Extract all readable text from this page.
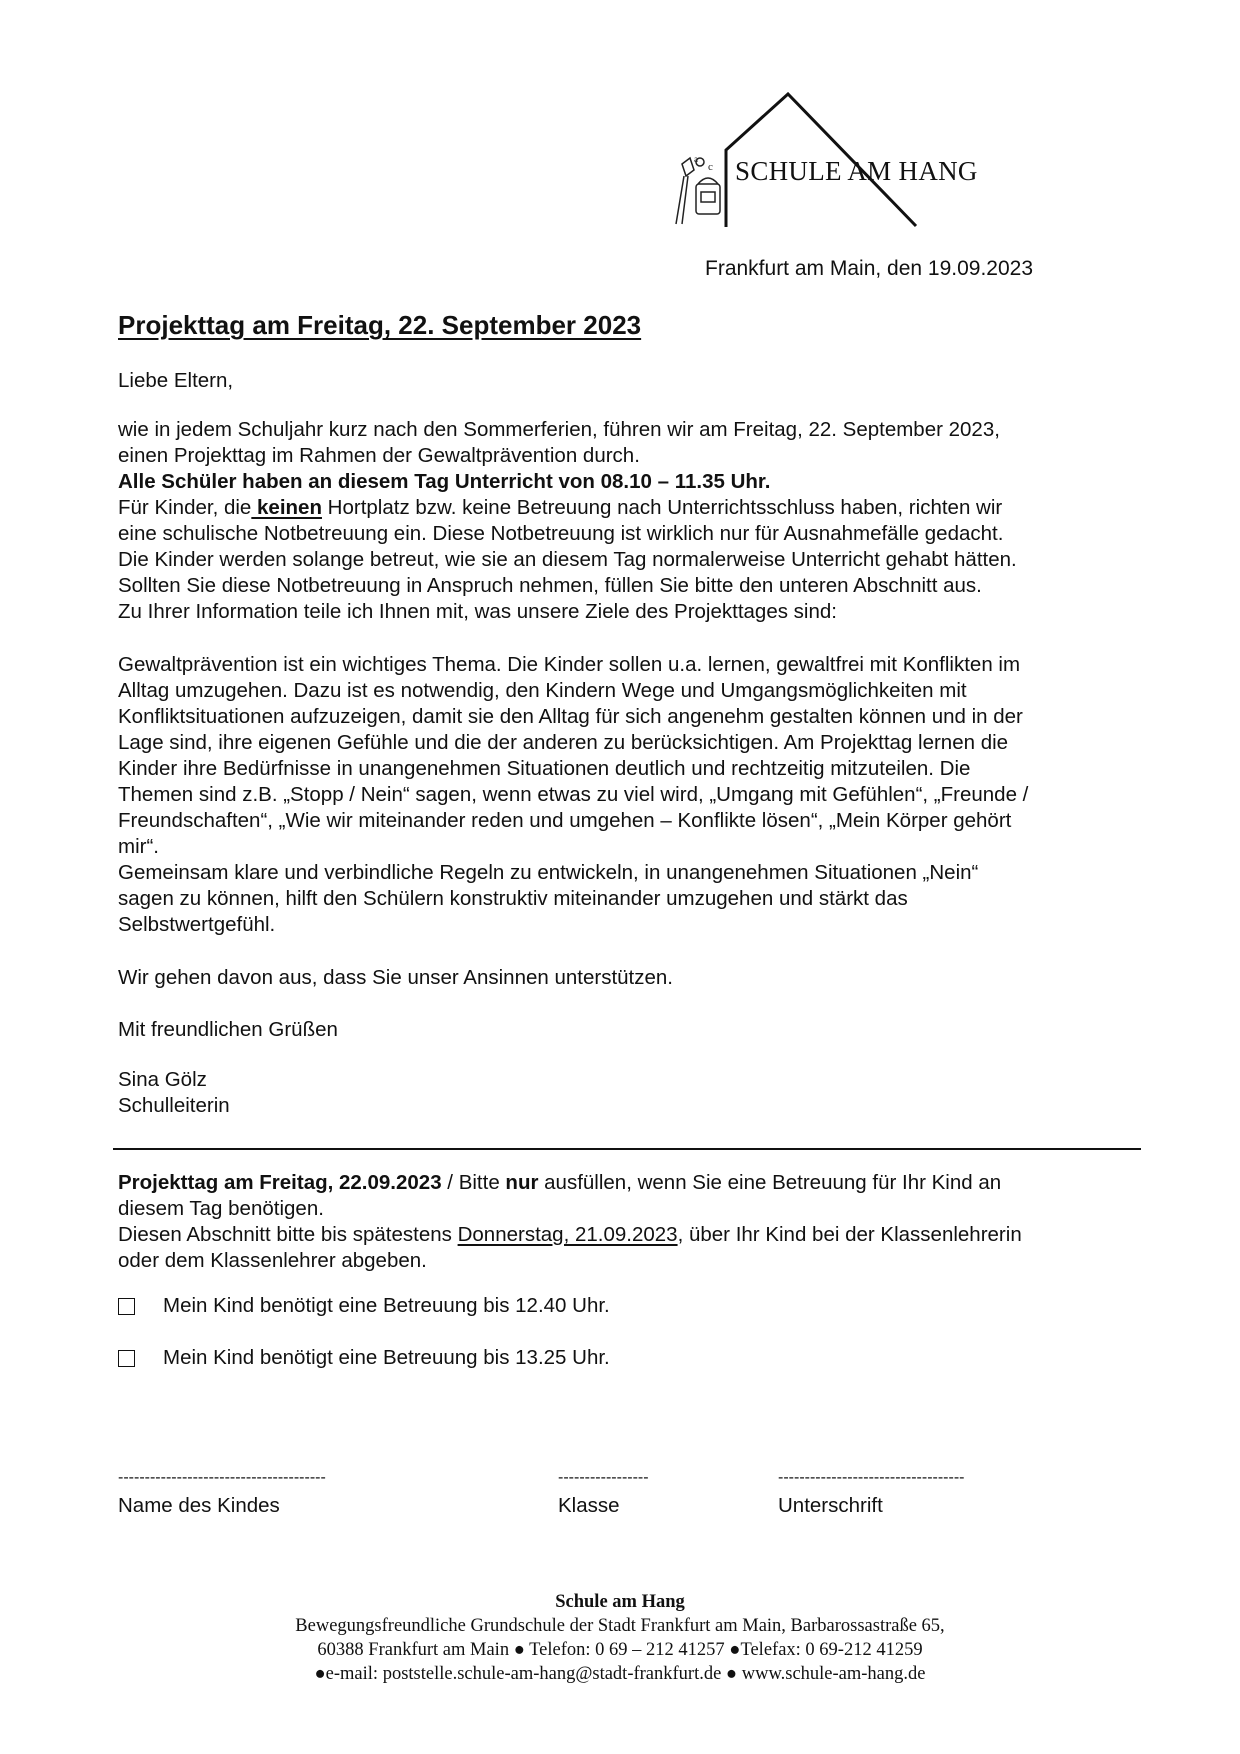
c
a SCHULE AM HANG
Frankfurt am Main, den 19.09.2023
Projekttag am Freitag, 22. September 2023

Liebe Eltern,

wie in jedem Schuljahr kurz nach den Sommerferien, führen wir am Freitag, 22. September 2023,
einen Projekttag im Rahmen der Gewaltprävention durch.
Alle Schüler haben an diesem Tag Unterricht von 08.10 – 11.35 Uhr.
Für Kinder, die keinen Hortplatz bzw. keine Betreuung nach Unterrichtsschluss haben, richten wir
eine schulische Notbetreuung ein. Diese Notbetreuung ist wirklich nur für Ausnahmefälle gedacht.
Die Kinder werden solange betreut, wie sie an diesem Tag normalerweise Unterricht gehabt hätten.
Sollten Sie diese Notbetreuung in Anspruch nehmen, füllen Sie bitte den unteren Abschnitt aus.
Zu Ihrer Information teile ich Ihnen mit, was unsere Ziele des Projekttages sind:
Gewaltprävention ist ein wichtiges Thema. Die Kinder sollen u.a. lernen, gewaltfrei mit Konflikten im
Alltag umzugehen. Dazu ist es notwendig, den Kindern Wege und Umgangsmöglichkeiten mit
Konfliktsituationen aufzuzeigen, damit sie den Alltag für sich angenehm gestalten können und in der
Lage sind, ihre eigenen Gefühle und die der anderen zu berücksichtigen. Am Projekttag lernen die
Kinder ihre Bedürfnisse in unangenehmen Situationen deutlich und rechtzeitig mitzuteilen. Die
Themen sind z.B. „Stopp / Nein“ sagen, wenn etwas zu viel wird, „Umgang mit Gefühlen“, „Freunde /
Freundschaften“, „Wie wir miteinander reden und umgehen – Konflikte lösen“, „Mein Körper gehört
mir“.
Gemeinsam klare und verbindliche Regeln zu entwickeln, in unangenehmen Situationen „Nein“
sagen zu können, hilft den Schülern konstruktiv miteinander umzugehen und stärkt das
Selbstwertgefühl.

Wir gehen davon aus, dass Sie unser Ansinnen unterstützen.

Mit freundlichen Grüßen

Sina Gölz
Schulleiterin
Projekttag am Freitag, 22.09.2023 / Bitte nur ausfüllen, wenn Sie eine Betreuung für Ihr Kind an
diesem Tag benötigen.
Diesen Abschnitt bitte bis spätestens Donnerstag, 21.09.2023, über Ihr Kind bei der Klassenlehrerin
oder dem Klassenlehrer abgeben.
Mein Kind benötigt eine Betreuung bis 12.40 Uhr.
Mein Kind benötigt eine Betreuung bis 13.25 Uhr.
---------------------------------------
Name des Kindes
-----------------
Klasse
-----------------------------------
Unterschrift
Schule am Hang
Bewegungsfreundliche Grundschule der Stadt Frankfurt am Main, Barbarossastraße 65,
60388 Frankfurt am Main ● Telefon: 0 69 – 212 41257 ●Telefax: 0 69-212 41259
●e-mail: poststelle.schule-am-hang@stadt-frankfurt.de ● www.schule-am-hang.de
